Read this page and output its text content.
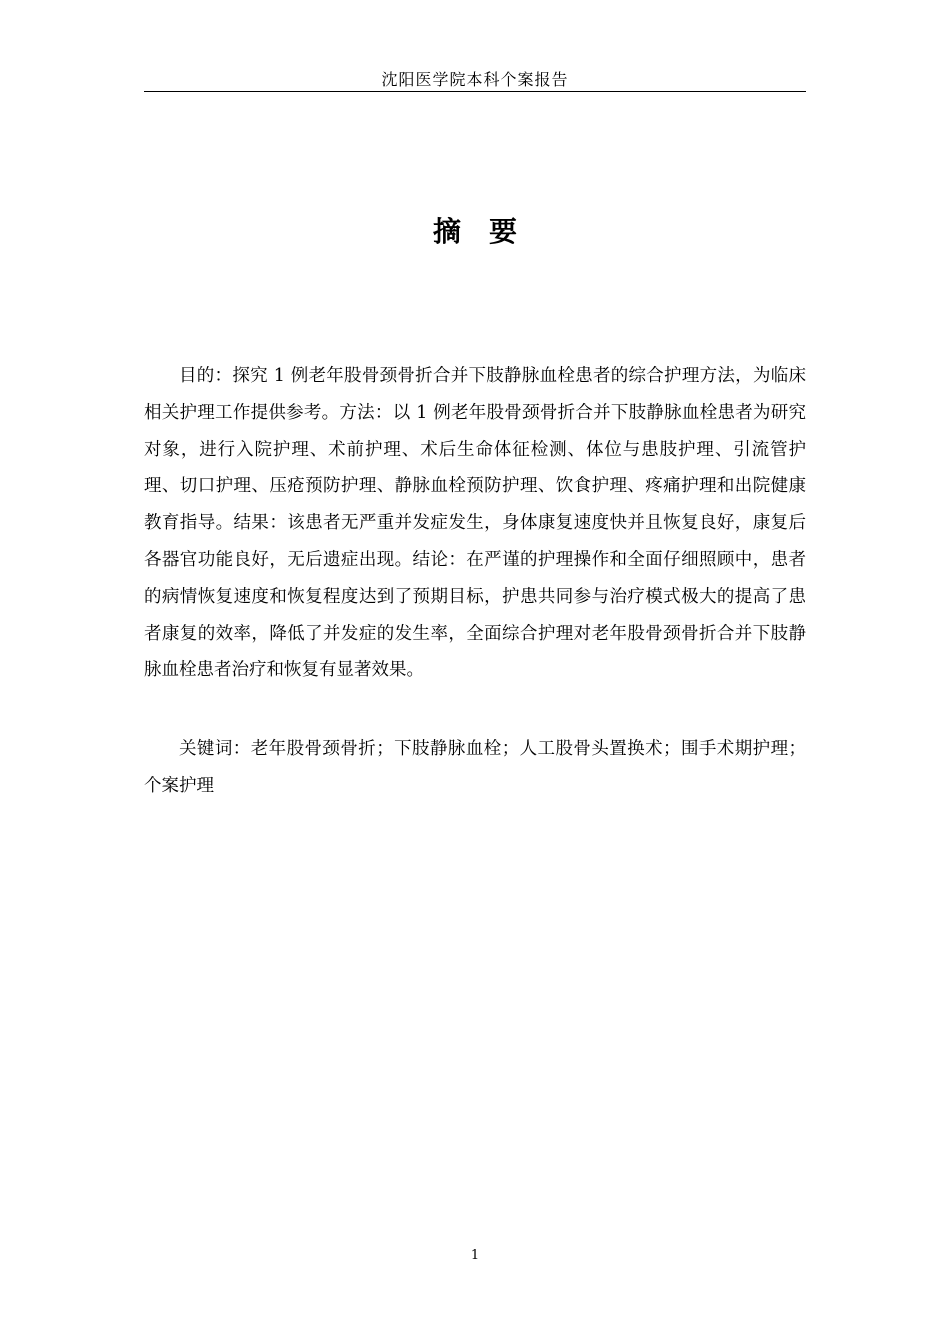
沈阳医学院本科个案报告
摘 要

目的：探究 1 例老年股骨颈骨折合并下肢静脉血栓患者的综合护理方法，为临床相关护理工作提供参考。方法：以 1 例老年股骨颈骨折合并下肢静脉血栓患者为研究对象，进行入院护理、术前护理、术后生命体征检测、体位与患肢护理、引流管护理、切口护理、压疮预防护理、静脉血栓预防护理、饮食护理、疼痛护理和出院健康教育指导。结果：该患者无严重并发症发生，身体康复速度快并且恢复良好，康复后各器官功能良好，无后遗症出现。结论：在严谨的护理操作和全面仔细照顾中，患者的病情恢复速度和恢复程度达到了预期目标，护患共同参与治疗模式极大的提高了患者康复的效率，降低了并发症的发生率，全面综合护理对老年股骨颈骨折合并下肢静脉血栓患者治疗和恢复有显著效果。

关键词：老年股骨颈骨折；下肢静脉血栓；人工股骨头置换术；围手术期护理；个案护理

1
